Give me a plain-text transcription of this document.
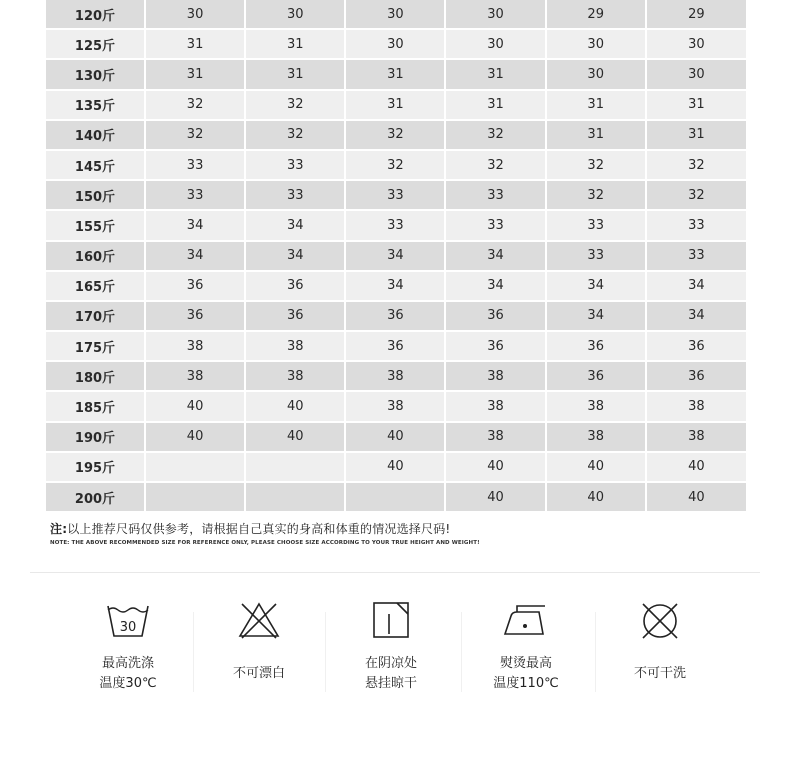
120斤	30	30	30	30	29	29
125斤	31	31	30	30	30	30
130斤	31	31	31	31	30	30
135斤	32	32	31	31	31	31
140斤	32	32	32	32	31	31
145斤	33	33	32	32	32	32
150斤	33	33	33	33	32	32
155斤	34	34	33	33	33	33
160斤	34	34	34	34	33	33
165斤	36	36	34	34	34	34
170斤	36	36	36	36	34	34
175斤	38	38	36	36	36	36
180斤	38	38	38	38	36	36
185斤	40	40	38	38	38	38
190斤	40	40	40	38	38	38
195斤			40	40	40	40
200斤				40	40	40
注:以上推荐尺码仅供参考，请根据自己真实的身高和体重的情况选择尺码!
NOTE: THE ABOVE RECOMMENDED SIZE FOR REFERENCE ONLY, PLEASE CHOOSE SIZE ACCORDING TO YOUR TRUE HEIGHT AND WEIGHT!
30
最高洗涤
温度30℃
不可漂白
在阴凉处
悬挂晾干
熨烫最高
温度110℃
不可干洗
